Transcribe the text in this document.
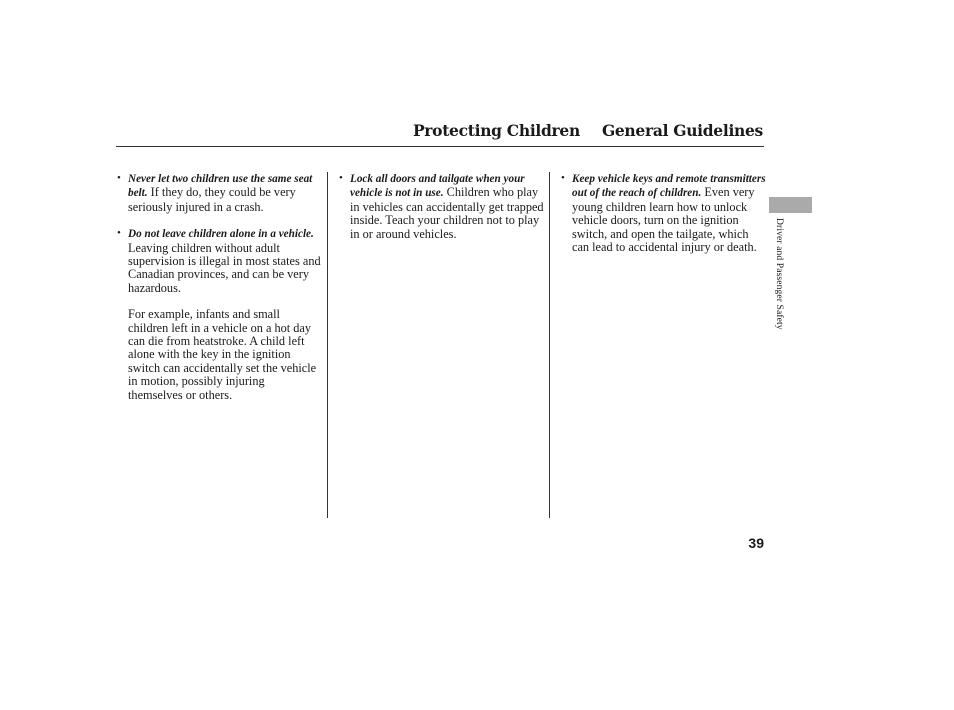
Protecting Children General Guidelines
• Never let two children use the same seat belt. If they do, they could be very seriously injured in a crash.
• Do not leave children alone in a vehicle. Leaving children without adult supervision is illegal in most states and Canadian provinces, and can be very hazardous.

For example, infants and small children left in a vehicle on a hot day can die from heatstroke. A child left alone with the key in the ignition switch can accidentally set the vehicle in motion, possibly injuring themselves or others.

• Lock all doors and tailgate when your vehicle is not in use. Children who play in vehicles can accidentally get trapped inside. Teach your children not to play in or around vehicles.
• Keep vehicle keys and remote transmitters out of the reach of children. Even very young children learn how to unlock vehicle doors, turn on the ignition switch, and open the tailgate, which can lead to accidental injury or death.	Driver and Passenger Safety
39
